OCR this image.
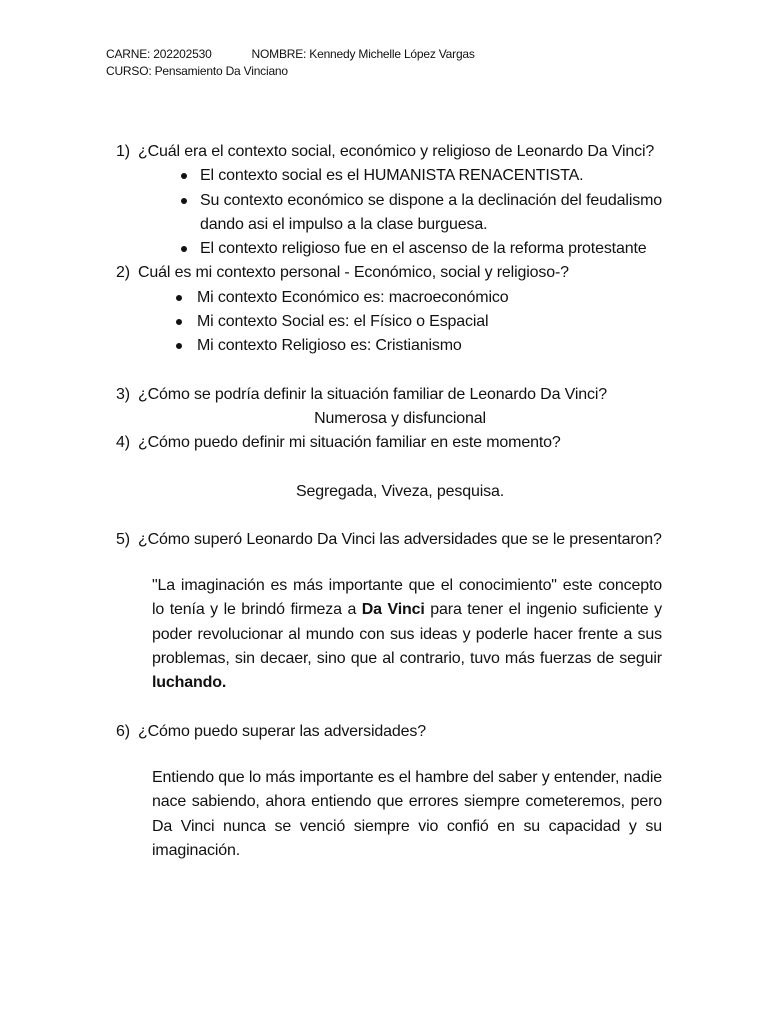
CARNE: 202202530	NOMBRE: Kennedy Michelle López Vargas
CURSO: Pensamiento Da Vinciano
1) ¿Cuál era el contexto social, económico y religioso de Leonardo Da Vinci?
El contexto social es el HUMANISTA RENACENTISTA.
Su contexto económico se dispone a la declinación del feudalismo dando asi el impulso a la clase burguesa.
El contexto religioso fue en el ascenso de la reforma protestante
2) Cuál es mi contexto personal - Económico, social y religioso-?
Mi contexto Económico es: macroeconómico
Mi contexto Social es: el Físico o Espacial
Mi contexto Religioso es: Cristianismo
3) ¿Cómo se podría definir la situación familiar de Leonardo Da Vinci?
Numerosa y disfuncional
4) ¿Cómo puedo definir mi situación familiar en este momento?
Segregada, Viveza, pesquisa.
5) ¿Cómo superó Leonardo Da Vinci las adversidades que se le presentaron?
"La imaginación es más importante que el conocimiento" este concepto lo tenía y le brindó firmeza a Da Vinci para tener el ingenio suficiente y poder revolucionar al mundo con sus ideas y poderle hacer frente a sus problemas, sin decaer, sino que al contrario, tuvo más fuerzas de seguir luchando.
6) ¿Cómo puedo superar las adversidades?
Entiendo que lo más importante es el hambre del saber y entender, nadie nace sabiendo, ahora entiendo que errores siempre cometeremos, pero Da Vinci nunca se venció siempre vio confió en su capacidad y su imaginación.
